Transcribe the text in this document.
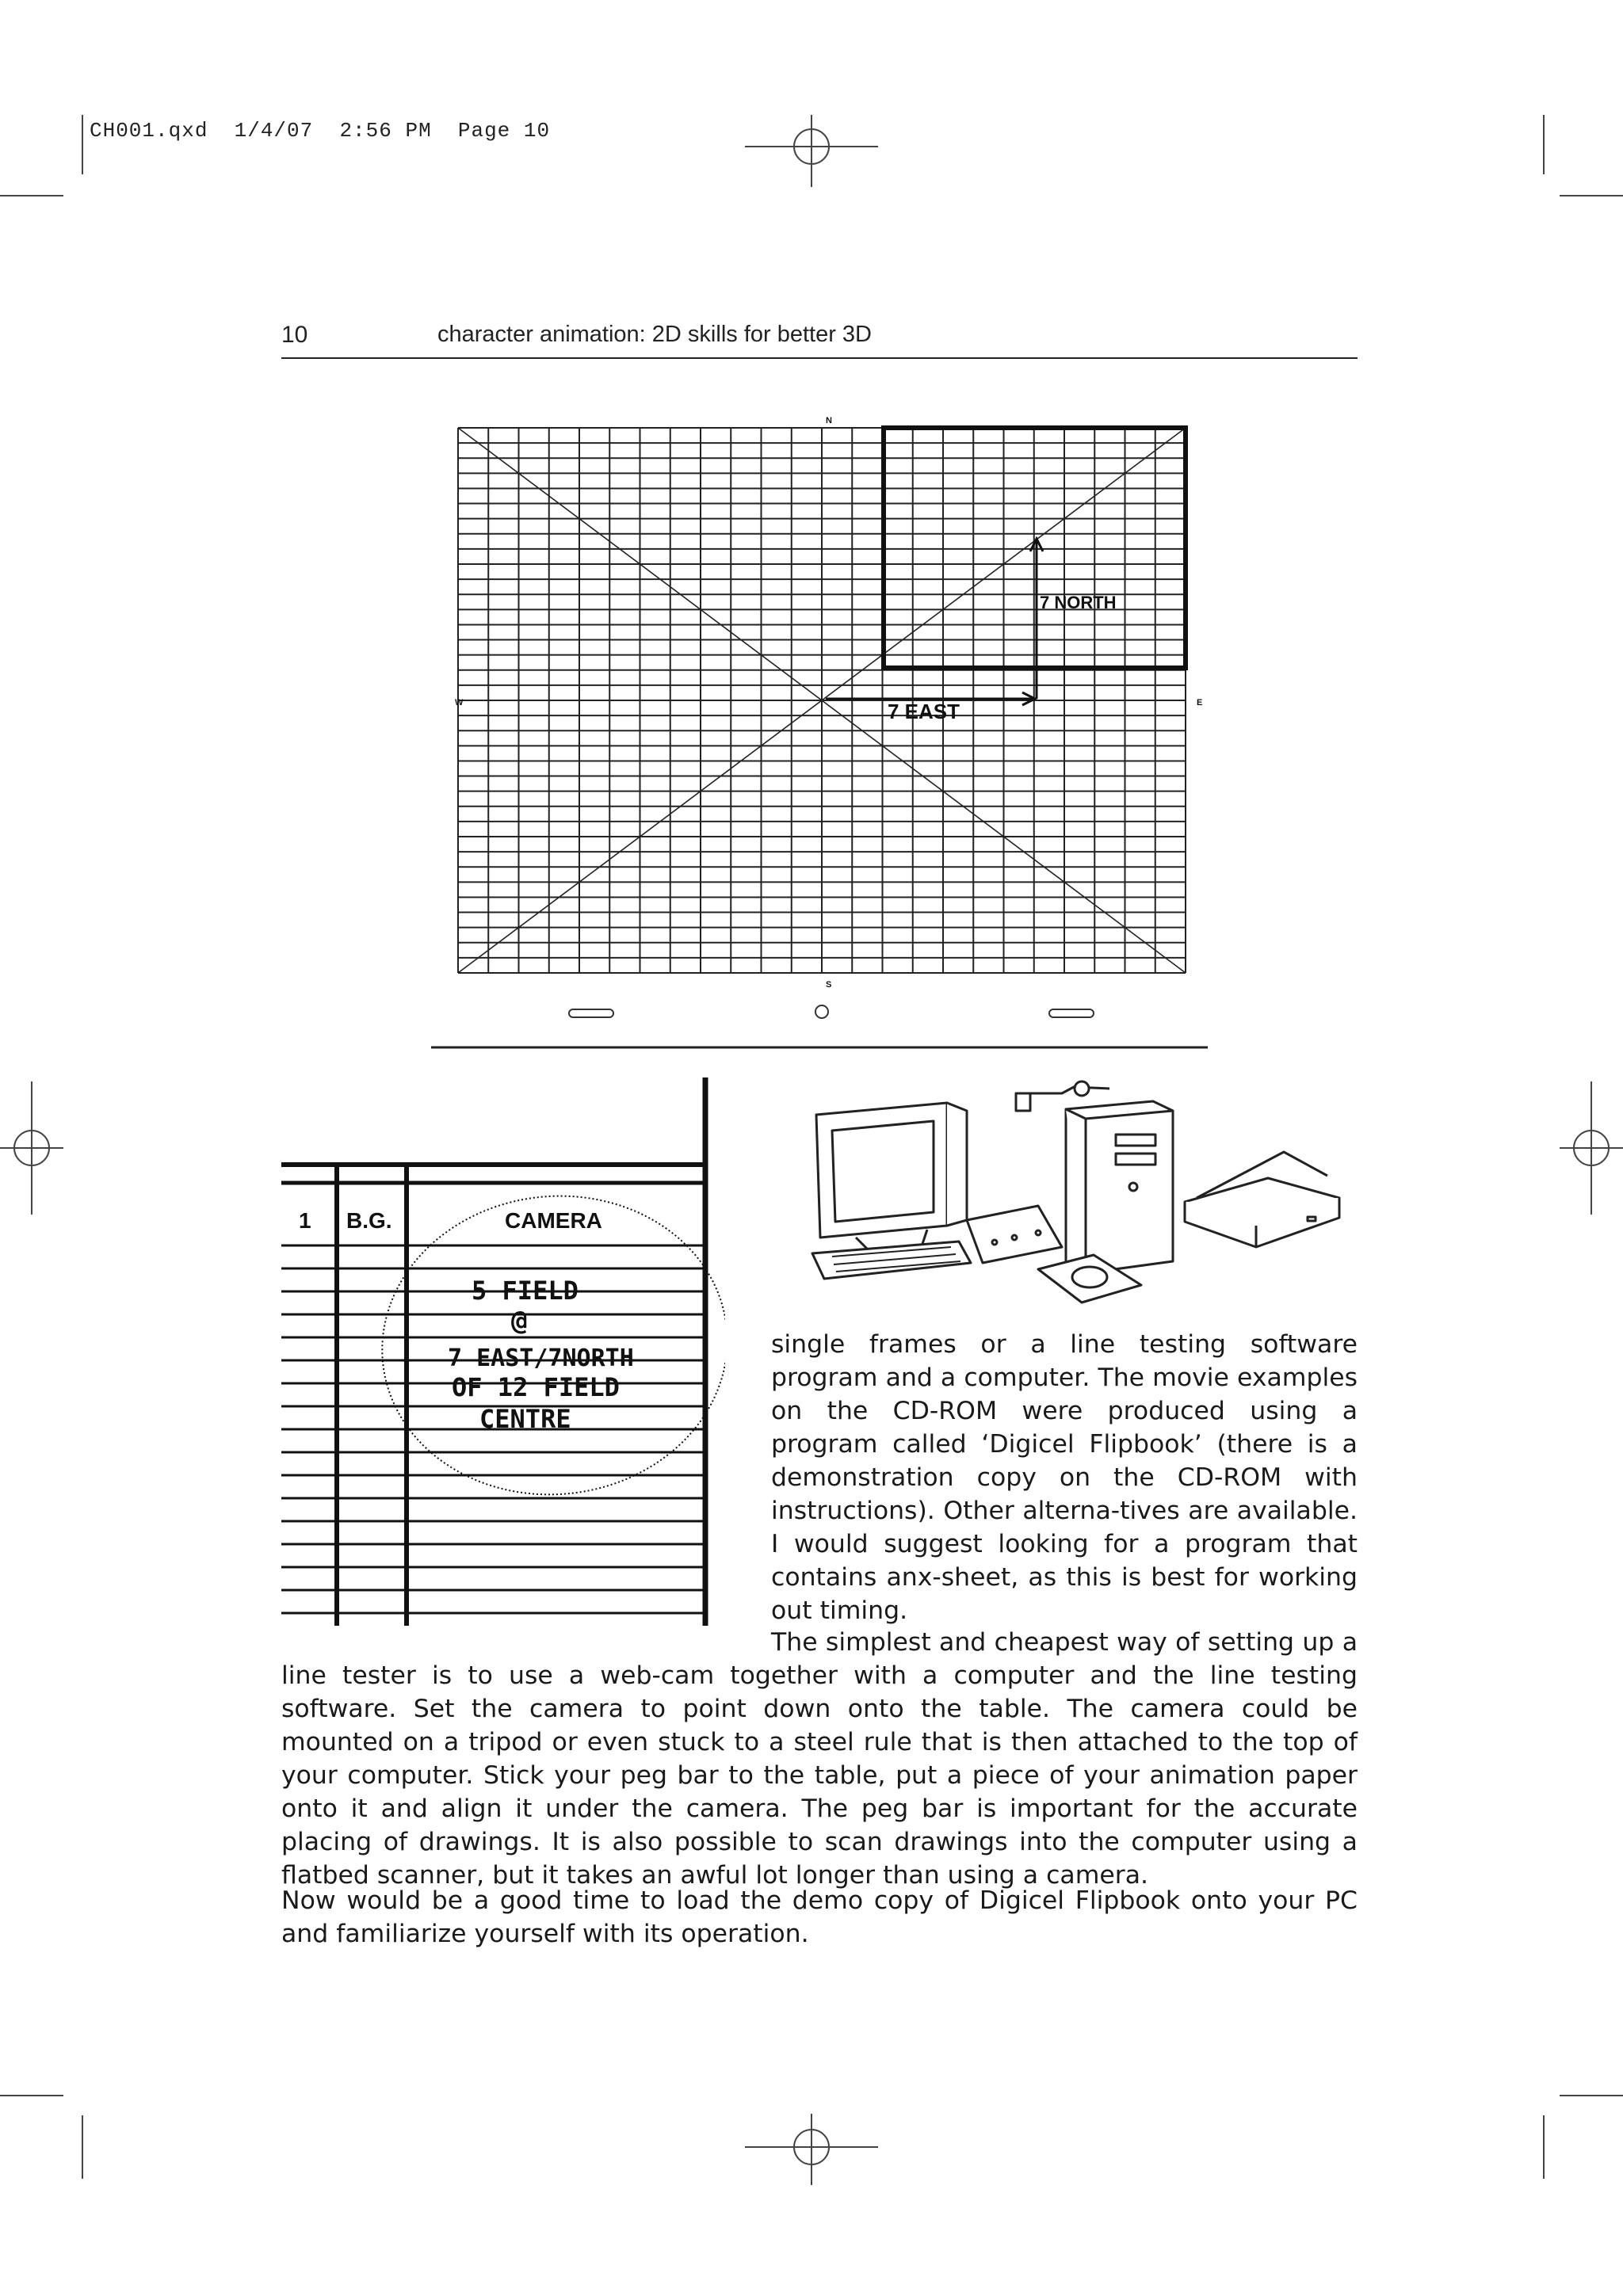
CH001.qxd  1/4/07  2:56 PM  Page 10
10	character animation: 2D skills for better 3D
7 EAST
7 NORTH
W	E
N
S
1 B.G.	CAMERA
5 FIELD
@
7 EAST/7NORTH
OF 12 FIELD
CENTRE

single frames or a line testing software program and a computer. The movie examples on the CD-ROM were produced using a program called ‘Digicel Flipbook’ (there is a demonstration copy on the CD-ROM with instructions). Other alterna-tives are available. I would suggest looking for a program that contains anx-sheet, as this is best for working out timing.

The simplest and cheapest way of setting up a line tester is to use a web-cam together with a computer and the line testing software. Set the camera to point down onto the table. The camera could be mounted on a tripod or even stuck to a steel rule that is then attached to the top of your computer. Stick your peg bar to the table, put a piece of your animation paper onto it and align it under the camera. The peg bar is important for the accurate placing of drawings. It is also possible to scan drawings into the computer using a flatbed scanner, but it takes an awful lot longer than using a camera.

Now would be a good time to load the demo copy of Digicel Flipbook onto your PC and familiarize yourself with its operation.
